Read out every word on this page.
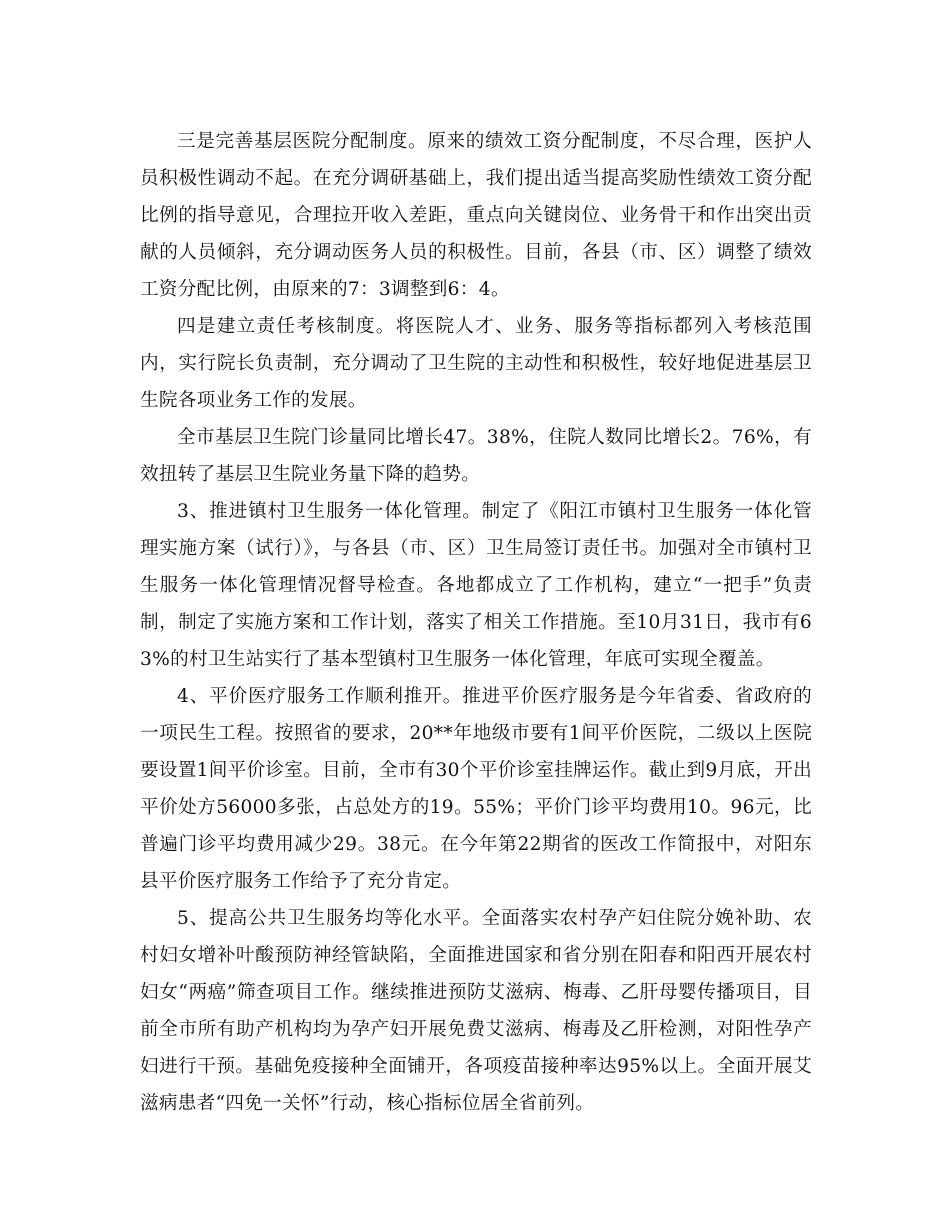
三是完善基层医院分配制度。原来的绩效工资分配制度，不尽合理，医护人员积极性调动不起。在充分调研基础上，我们提出适当提高奖励性绩效工资分配比例的指导意见，合理拉开收入差距，重点向关键岗位、业务骨干和作出突出贡献的人员倾斜，充分调动医务人员的积极性。目前，各县（市、区）调整了绩效工资分配比例，由原来的7：3调整到6：4。

四是建立责任考核制度。将医院人才、业务、服务等指标都列入考核范围内，实行院长负责制，充分调动了卫生院的主动性和积极性，较好地促进基层卫生院各项业务工作的发展。

全市基层卫生院门诊量同比增长47。38%，住院人数同比增长2。76%，有效扭转了基层卫生院业务量下降的趋势。

3、推进镇村卫生服务一体化管理。制定了《阳江市镇村卫生服务一体化管理实施方案（试行）》，与各县（市、区）卫生局签订责任书。加强对全市镇村卫生服务一体化管理情况督导检查。各地都成立了工作机构，建立“一把手”负责制，制定了实施方案和工作计划，落实了相关工作措施。至10月31日，我市有63%的村卫生站实行了基本型镇村卫生服务一体化管理，年底可实现全覆盖。

4、平价医疗服务工作顺利推开。推进平价医疗服务是今年省委、省政府的一项民生工程。按照省的要求，20**年地级市要有1间平价医院，二级以上医院要设置1间平价诊室。目前，全市有30个平价诊室挂牌运作。截止到9月底，开出平价处方56000多张，占总处方的19。55%；平价门诊平均费用10。96元，比普遍门诊平均费用减少29。38元。在今年第22期省的医改工作简报中，对阳东县平价医疗服务工作给予了充分肯定。

5、提高公共卫生服务均等化水平。全面落实农村孕产妇住院分娩补助、农村妇女增补叶酸预防神经管缺陷，全面推进国家和省分别在阳春和阳西开展农村妇女“两癌”筛查项目工作。继续推进预防艾滋病、梅毒、乙肝母婴传播项目，目前全市所有助产机构均为孕产妇开展免费艾滋病、梅毒及乙肝检测，对阳性孕产妇进行干预。基础免疫接种全面铺开，各项疫苗接种率达95%以上。全面开展艾滋病患者“四免一关怀”行动，核心指标位居全省前列。
